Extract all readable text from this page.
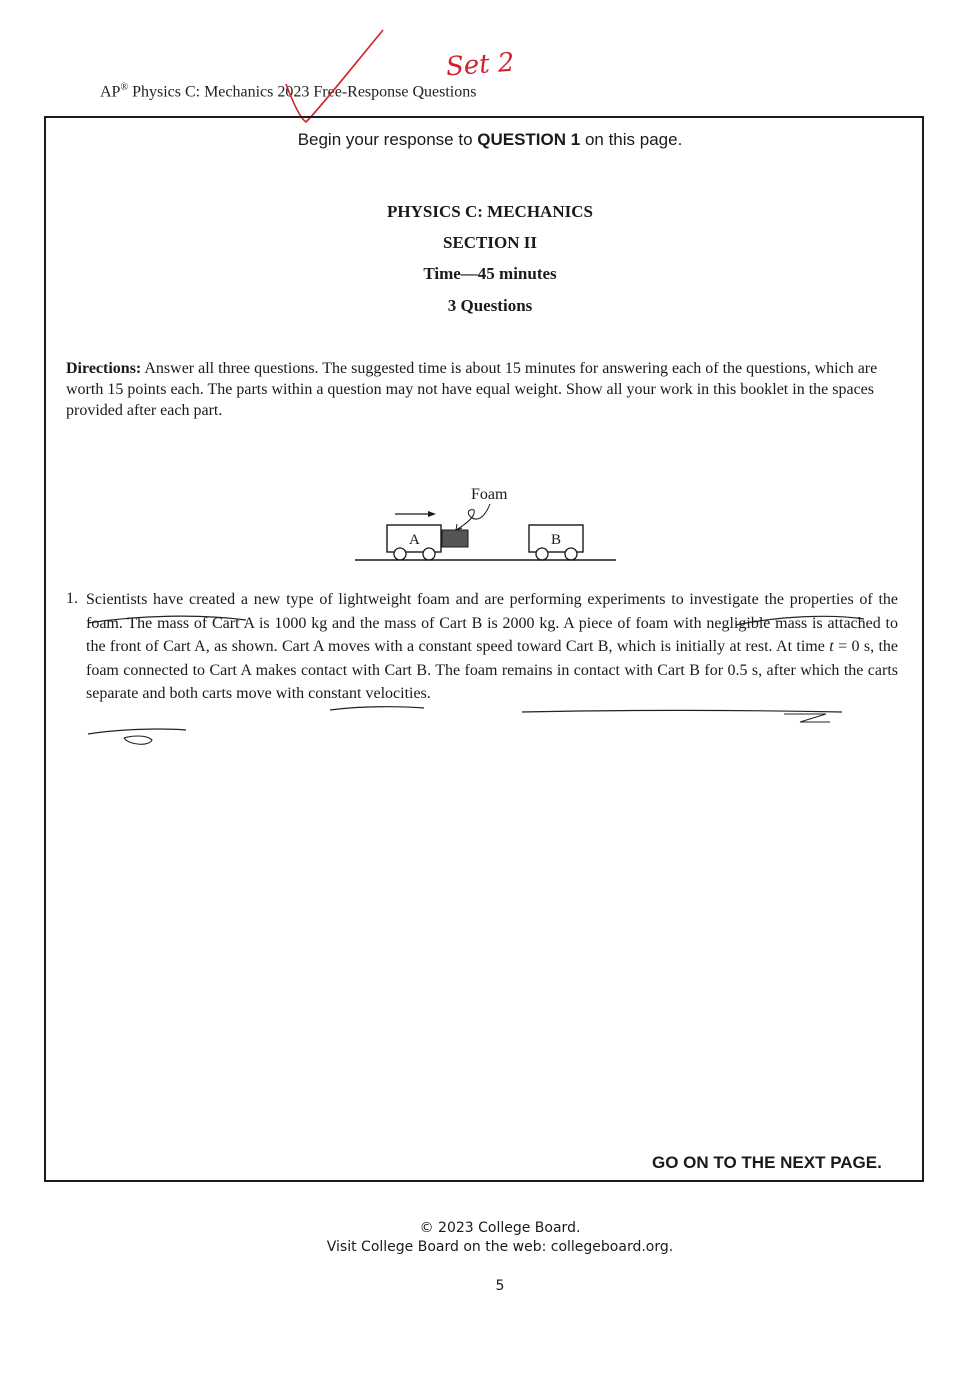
AP® Physics C: Mechanics 2023 Free-Response Questions
Set 2
Begin your response to QUESTION 1 on this page.
PHYSICS C: MECHANICS
SECTION II
Time—45 minutes
3 Questions
Directions: Answer all three questions. The suggested time is about 15 minutes for answering each of the questions, which are worth 15 points each. The parts within a question may not have equal weight. Show all your work in this booklet in the spaces provided after each part.
Foam
A	B
1. Scientists have created a new type of lightweight foam and are performing experiments to investigate the properties of the foam. The mass of Cart A is 1000 kg and the mass of Cart B is 2000 kg. A piece of foam with negligible mass is attached to the front of Cart A, as shown. Cart A moves with a constant speed toward Cart B, which is initially at rest. At time t = 0 s, the foam connected to Cart A makes contact with Cart B. The foam remains in contact with Cart B for 0.5 s, after which the carts separate and both carts move with constant velocities.
GO ON TO THE NEXT PAGE.
© 2023 College Board.
Visit College Board on the web: collegeboard.org.
5
